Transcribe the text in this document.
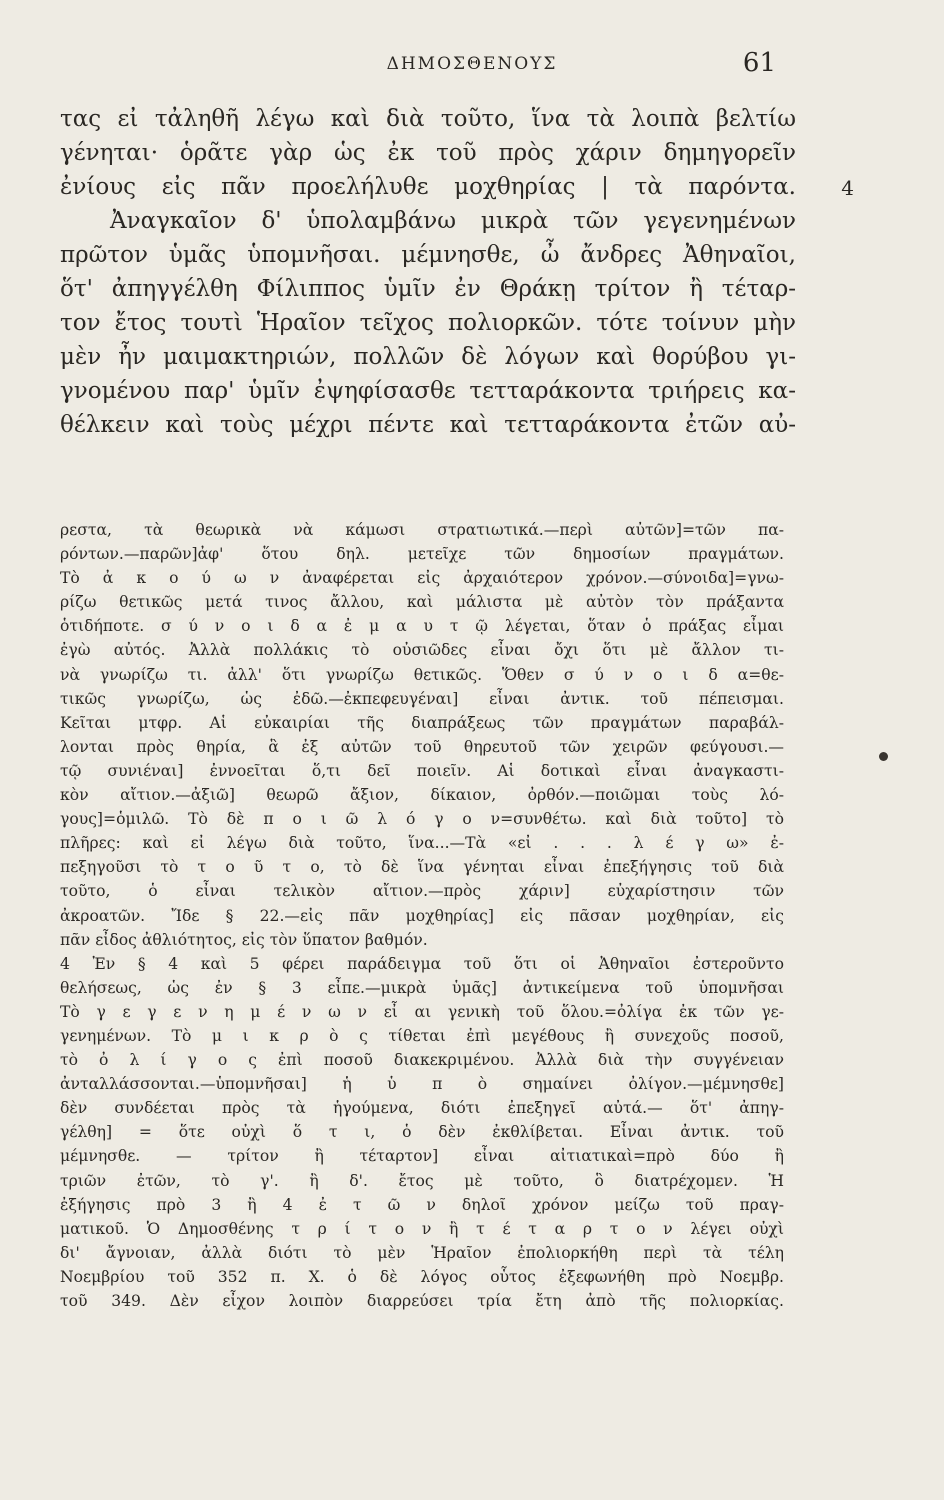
ΔΗΜΟΣΘΕΝΟΥΣ	61
τας εἰ τἀληθῆ λέγω καὶ διὰ τοῦτο, ἵνα τὰ λοιπὰ βελτίω
γένηται· ὁρᾶτε γὰρ ὡς ἐκ τοῦ πρὸς χάριν δημηγορεῖν
ἐνίους εἰς πᾶν προελήλυθε μοχθηρίας | τὰ παρόντα.
Ἀναγκαῖον δ' ὑπολαμβάνω μικρὰ τῶν γεγενημένων
πρῶτον ὑμᾶς ὑπομνῆσαι. μέμνησθε, ὦ ἄνδρες Ἀθηναῖοι,
ὅτ' ἀπηγγέλθη Φίλιππος ὑμῖν ἐν Θράκῃ τρίτον ἢ τέταρ-
τον ἔτος τουτὶ Ἡραῖον τεῖχος πολιορκῶν. τότε τοίνυν μὴν
μὲν ἦν μαιμακτηριών, πολλῶν δὲ λόγων καὶ θορύβου γι-
γνομένου παρ' ὑμῖν ἐψηφίσασθε τετταράκοντα τριήρεις κα-
θέλκειν καὶ τοὺς μέχρι πέντε καὶ τετταράκοντα ἐτῶν αὐ-
4
ρεστα, τὰ θεωρικὰ νὰ κάμωσι στρατιωτικά.—περὶ αὐτῶν]=τῶν πα-
ρόντων.—παρῶν]ἀφ' ὅτου δηλ. μετεῖχε τῶν δημοσίων πραγμάτων.
Τὸ ἀ κ ο ύ ω ν ἀναφέρεται εἰς ἀρχαιότερον χρόνον.—σύνοιδα]=γνω-
ρίζω θετικῶς μετά τινος ἄλλου, καὶ μάλιστα μὲ αὐτὸν τὸν πράξαντα
ὁτιδήποτε. σ ύ ν ο ι δ α ἐ μ α υ τ ῷ λέγεται, ὅταν ὁ πράξας εἶμαι
ἐγὼ αὐτός. Ἀλλὰ πολλάκις τὸ οὐσιῶδες εἶναι ὄχι ὅτι μὲ ἄλλον τι-
νὰ γνωρίζω τι. ἀλλ' ὅτι γνωρίζω θετικῶς. Ὅθεν σ ύ ν ο ι δ α=θε-
τικῶς γνωρίζω, ὡς ἐδῶ.—ἐκπεφευγέναι] εἶναι ἀντικ. τοῦ πέπεισμαι.
Κεῖται μτφρ. Αἱ εὐκαιρίαι τῆς διαπράξεως τῶν πραγμάτων παραβάλ-
λονται πρὸς θηρία, ἃ ἐξ αὐτῶν τοῦ θηρευτοῦ τῶν χειρῶν φεύγουσι.—
τῷ συνιέναι] ἐννοεῖται ὅ,τι δεῖ ποιεῖν. Αἱ δοτικαὶ εἶναι ἀναγκαστι-
κὸν αἴτιον.—ἀξιῶ] θεωρῶ ἄξιον, δίκαιον, ὀρθόν.—ποιῶμαι τοὺς λό-
γους]=ὁμιλῶ. Τὸ δὲ π ο ι ῶ λ ό γ ο ν=συνθέτω. καὶ διὰ τοῦτο] τὸ
πλῆρες: καὶ εἰ λέγω διὰ τοῦτο, ἵνα...—Τὰ «εἰ . . . λ έ γ ω» ἐ-
πεξηγοῦσι τὸ τ ο ῦ τ ο, τὸ δὲ ἵνα γένηται εἶναι ἐπεξήγησις τοῦ διὰ
τοῦτο, ὁ εἶναι τελικὸν αἴτιον.—πρὸς χάριν] εὐχαρίστησιν τῶν
ἀκροατῶν. Ἴδε § 22.—εἰς πᾶν μοχθηρίας] εἰς πᾶσαν μοχθηρίαν, εἰς
πᾶν εἶδος ἀθλιότητος, εἰς τὸν ὕπατον βαθμόν.
4 Ἐν § 4 καὶ 5 φέρει παράδειγμα τοῦ ὅτι οἱ Ἀθηναῖοι ἐστεροῦντο
θελήσεως, ὡς ἐν § 3 εἶπε.—μικρὰ ὑμᾶς] ἀντικείμενα τοῦ ὑπομνῆσαι
Τὸ γ ε γ ε ν η μ έ ν ω ν εἶ αι γενικὴ τοῦ ὅλου.=ὀλίγα ἐκ τῶν γε-
γενημένων. Τὸ μ ι κ ρ ὸ ς τίθεται ἐπὶ μεγέθους ἢ συνεχοῦς ποσοῦ,
τὸ ὀ λ ί γ ο ς ἐπὶ ποσοῦ διακεκριμένου. Ἀλλὰ διὰ τὴν συγγένειαν
ἀνταλλάσσονται.—ὑπομνῆσαι] ἡ ὑ π ὸ σημαίνει ὀλίγον.—μέμνησθε]
δὲν συνδέεται πρὸς τὰ ἡγούμενα, διότι ἐπεξηγεῖ αὐτά.— ὅτ' ἀπηγ-
γέλθη] = ὅτε οὐχὶ ὅ τ ι, ὁ δὲν ἐκθλίβεται. Εἶναι ἀντικ. τοῦ
μέμνησθε. — τρίτον ἢ τέταρτον] εἶναι αἰτιατικαὶ=πρὸ δύο ἢ
τριῶν ἐτῶν, τὸ γ'. ἢ δ'. ἔτος μὲ τοῦτο, ὃ διατρέχομεν. Ἡ
ἐξήγησις πρὸ 3 ἢ 4 ἐ τ ῶ ν δηλοῖ χρόνον μείζω τοῦ πραγ-
ματικοῦ. Ὁ Δημοσθένης τ ρ ί τ ο ν ἢ τ έ τ α ρ τ ο ν λέγει οὐχὶ
δι' ἄγνοιαν, ἀλλὰ διότι τὸ μὲν Ἡραῖον ἐπολιορκήθη περὶ τὰ τέλη
Νοεμβρίου τοῦ 352 π. Χ. ὁ δὲ λόγος οὗτος ἐξεφωνήθη πρὸ Νοεμβρ.
τοῦ 349. Δὲν εἶχον λοιπὸν διαρρεύσει τρία ἔτη ἀπὸ τῆς πολιορκίας.
